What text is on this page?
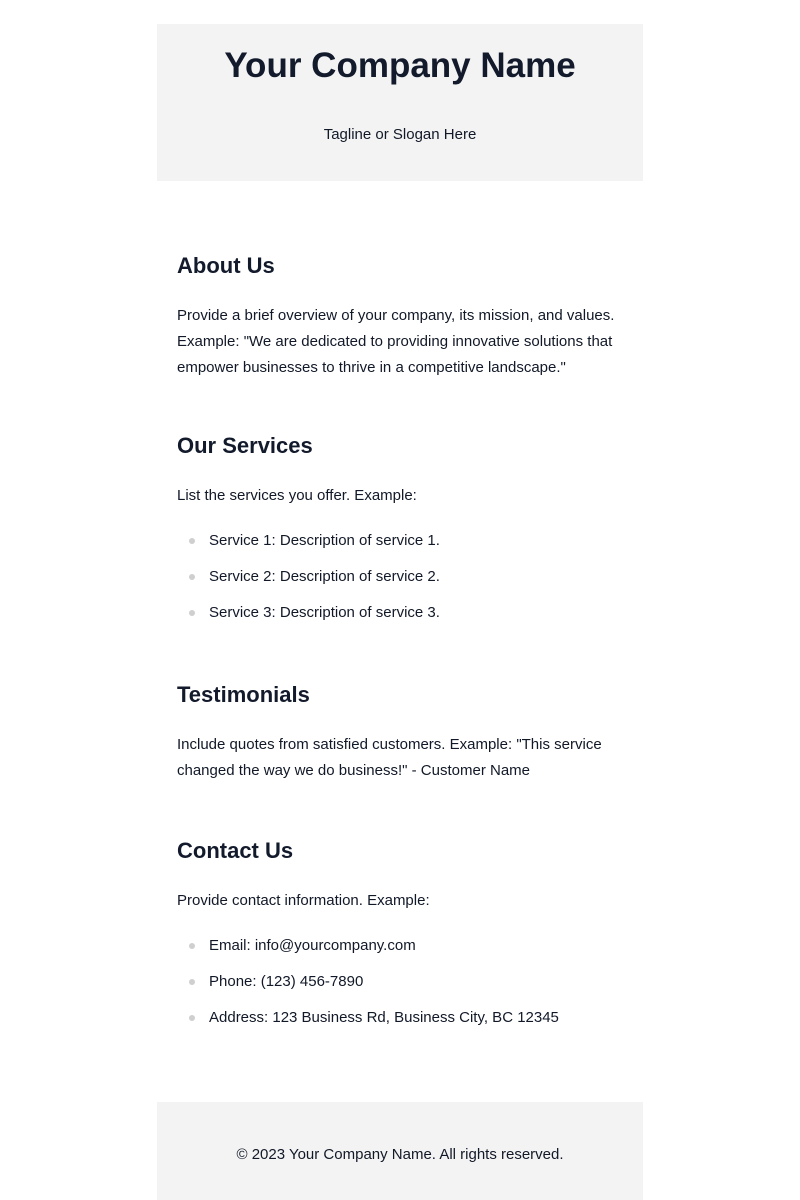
Your Company Name

Tagline or Slogan Here

About Us

Provide a brief overview of your company, its mission, and values. Example: "We are dedicated to providing innovative solutions that empower businesses to thrive in a competitive landscape."

Our Services

List the services you offer. Example:

Service 1: Description of service 1.
Service 2: Description of service 2.
Service 3: Description of service 3.
Testimonials

Include quotes from satisfied customers. Example: "This service changed the way we do business!" - Customer Name

Contact Us

Provide contact information. Example:

Email: info@yourcompany.com
Phone: (123) 456-7890
Address: 123 Business Rd, Business City, BC 12345

© 2023 Your Company Name. All rights reserved.
